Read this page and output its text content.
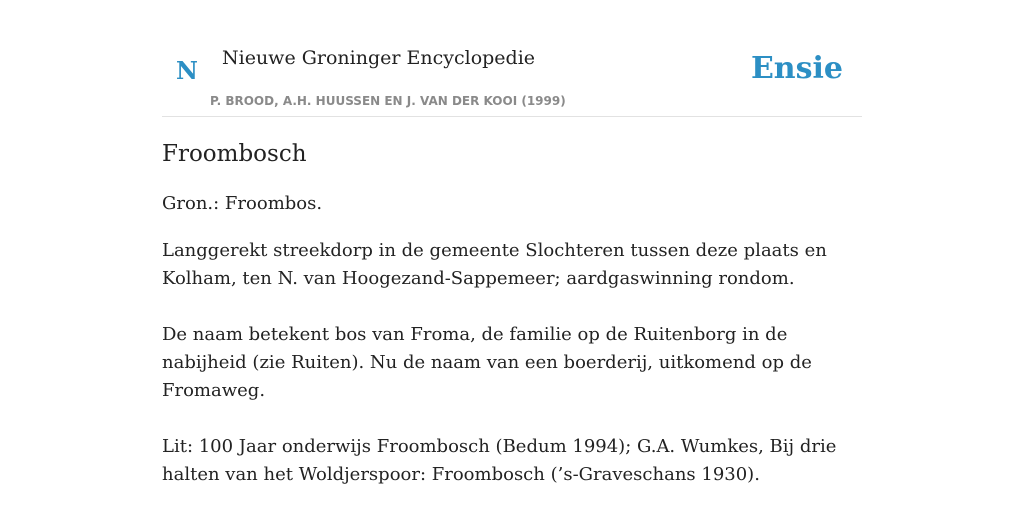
N Nieuwe Groninger Encyclopedie
P. BROOD, A.H. HUUSSEN EN J. VAN DER KOOI (1999)
Ensie
Froombosch

Gron.: Froombos.

Langgerekt streekdorp in de gemeente Slochteren tussen deze plaats en Kolham, ten N. van Hoogezand-Sappemeer; aardgaswinning rondom.

De naam betekent bos van Froma, de familie op de Ruitenborg in de nabijheid (zie Ruiten). Nu de naam van een boerderij, uitkomend op de Fromaweg.

Lit: 100 Jaar onderwijs Froombosch (Bedum 1994); G.A. Wumkes, Bij drie halten van het Woldjerspoor: Froombosch (’s-Graveschans 1930).
